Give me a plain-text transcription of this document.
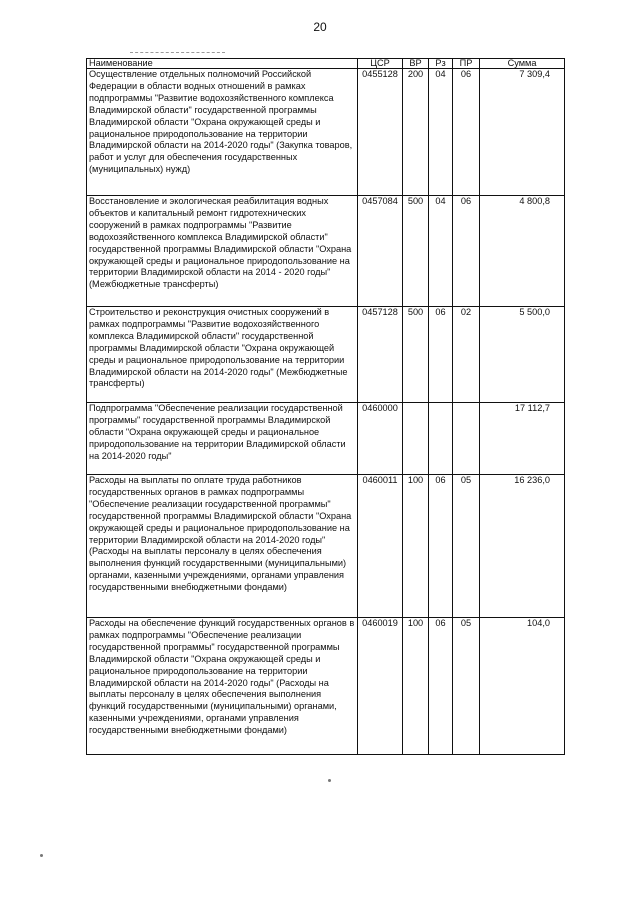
20
Наименование	ЦСР	ВР	Рз	ПР	Сумма
Осуществление отдельных полномочий Российской Федерации в области водных отношений в рамках подпрограммы "Развитие водохозяйственного комплекса Владимирской области" государственной программы Владимирской области "Охрана окружающей среды и рациональное природопользование на территории Владимирской области на 2014-2020 годы" (Закупка товаров, работ и услуг для обеспечения государственных (муниципальных) нужд)	0455128	200	04	06	7 309,4
Восстановление и экологическая реабилитация водных объектов и капитальный ремонт гидротехнических сооружений в рамках подпрограммы "Развитие водохозяйственного комплекса Владимирской области" государственной программы Владимирской области "Охрана окружающей среды и рациональное природопользование на территории Владимирской области на 2014 - 2020 годы" (Межбюджетные трансферты)	0457084	500	04	06	4 800,8
Строительство и реконструкция очистных сооружений в рамках подпрограммы "Развитие водохозяйственного комплекса Владимирской области" государственной программы Владимирской области "Охрана окружающей среды и рациональное природопользование на территории Владимирской области на 2014-2020 годы" (Межбюджетные трансферты)	0457128	500	06	02	5 500,0
Подпрограмма "Обеспечение реализации государственной программы" государственной программы Владимирской области "Охрана окружающей среды и рациональное природопользование на территории Владимирской области на 2014-2020 годы"	0460000				17 112,7
Расходы на выплаты по оплате труда работников государственных органов в рамках подпрограммы "Обеспечение реализации государственной программы" государственной программы Владимирской области "Охрана окружающей среды и рациональное природопользование на территории Владимирской области на 2014-2020 годы" (Расходы на выплаты персоналу в целях обеспечения выполнения функций государственными (муниципальными) органами, казенными учреждениями, органами управления государственными внебюджетными фондами)	0460011	100	06	05	16 236,0
Расходы на обеспечение функций государственных органов в рамках подпрограммы "Обеспечение реализации государственной программы" государственной программы Владимирской области "Охрана окружающей среды и рациональное природопользование на территории Владимирской области на 2014-2020 годы" (Расходы на выплаты персоналу в целях обеспечения выполнения функций государственными (муниципальными) органами, казенными учреждениями, органами управления государственными внебюджетными фондами)	0460019	100	06	05	104,0
